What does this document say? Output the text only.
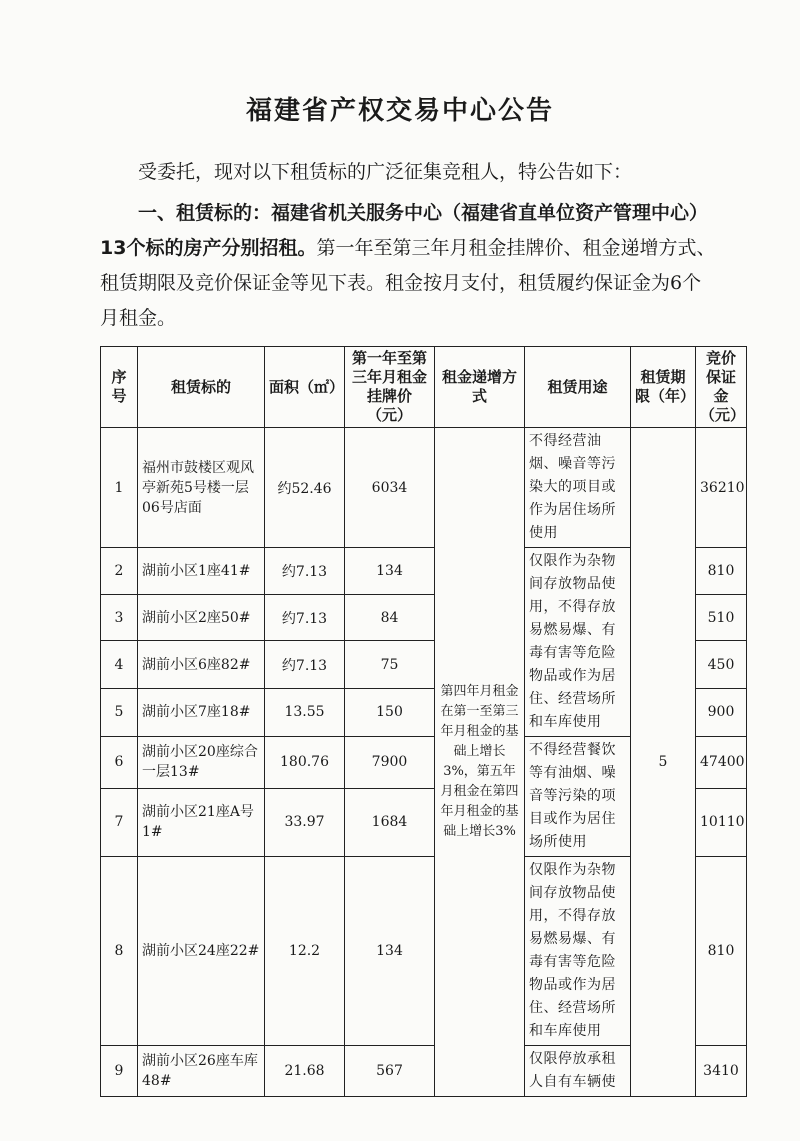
福建省产权交易中心公告
受委托，现对以下租赁标的广泛征集竞租人，特公告如下：
一、租赁标的：福建省机关服务中心（福建省直单位资产管理中心）13个标的房产分别招租。第一年至第三年月租金挂牌价、租金递增方式、租赁期限及竞价保证金等见下表。租金按月支付，租赁履约保证金为6个月租金。
序号	租赁标的	面积（㎡）	第一年至第三年月租金挂牌价（元）	租金递增方式	租赁用途	租赁期限（年）	竞价保证金（元）
1	福州市鼓楼区观风亭新苑5号楼一层06号店面	约52.46	6034	第四年月租金在第一至第三年月租金的基础上增长3%，第五年月租金在第四年月租金的基础上增长3%	不得经营油烟、噪音等污染大的项目或作为居住场所使用	5	36210
2	湖前小区1座41#	约7.13	134		仅限作为杂物间存放物品使用，不得存放易燃易爆、有毒有害等危险物品或作为居住、经营场所和车库使用		810
3	湖前小区2座50#	约7.13	84				510
4	湖前小区6座82#	约7.13	75				450
5	湖前小区7座18#	13.55	150				900
6	湖前小区20座综合一层13#	180.76	7900		不得经营餐饮等有油烟、噪音等污染的项目或作为居住场所使用		47400
7	湖前小区21座A号1#	33.97	1684				10110
8	湖前小区24座22#	12.2	134		仅限作为杂物间存放物品使用，不得存放易燃易爆、有毒有害等危险物品或作为居住、经营场所和车库使用		810
9	湖前小区26座车库48#	21.68	567		仅限停放承租人自有车辆使		3410
